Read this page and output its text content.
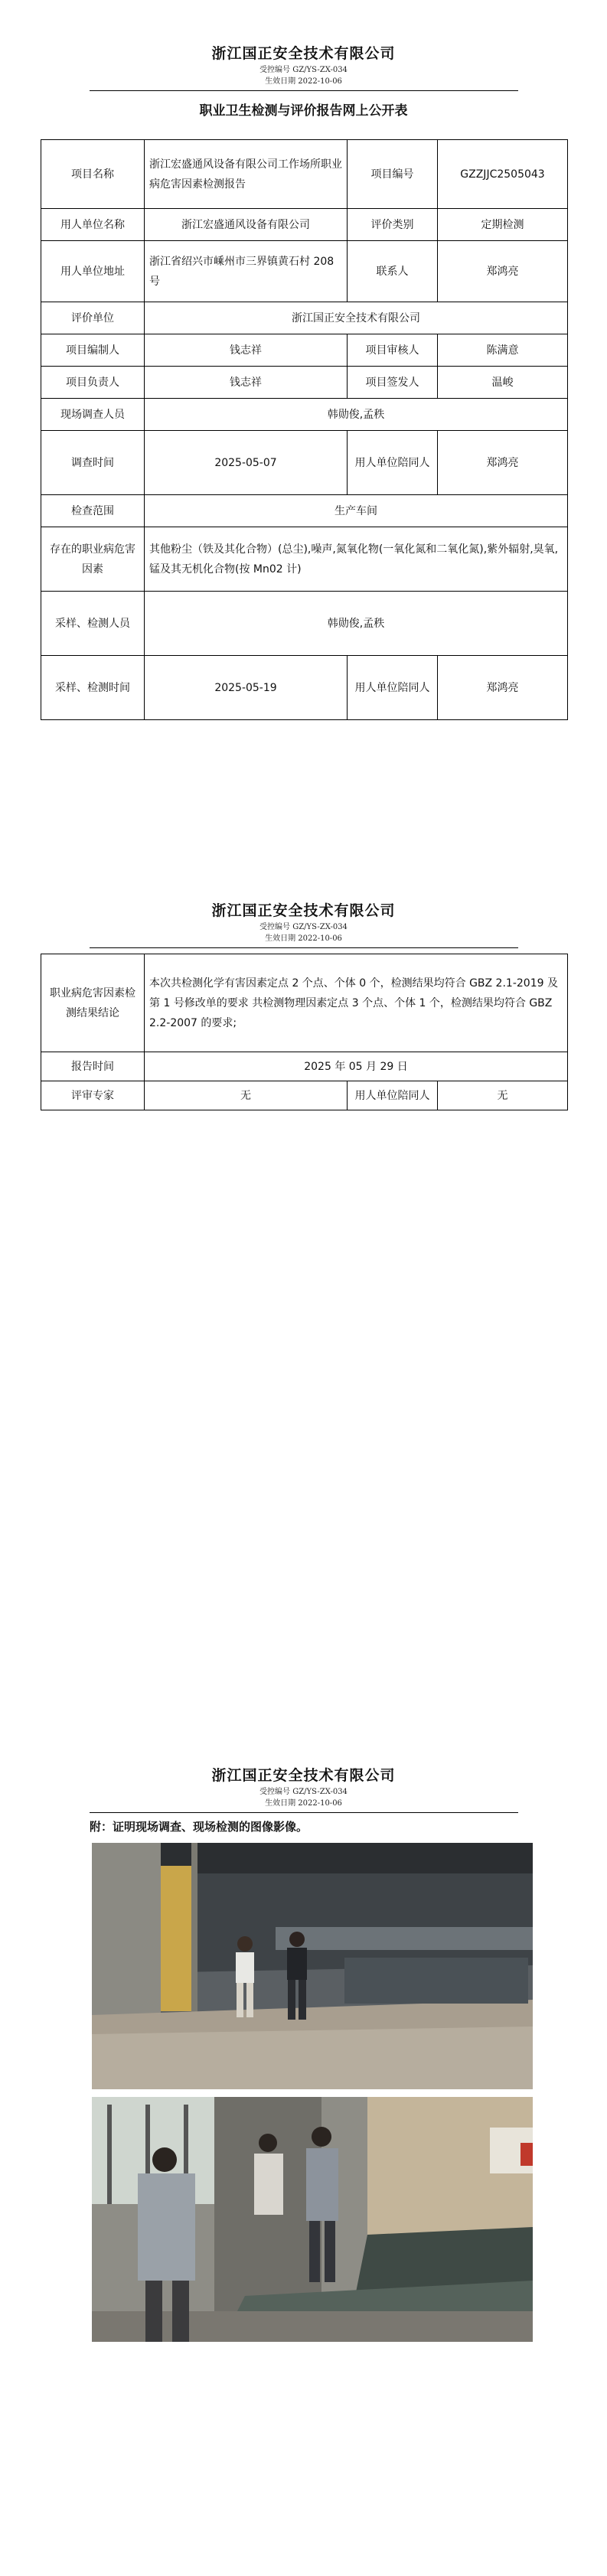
浙江国正安全技术有限公司
受控编号 GZ/YS-ZX-034
生效日期 2022-10-06
职业卫生检测与评价报告网上公开表
项目名称	浙江宏盛通风设备有限公司工作场所职业病危害因素检测报告	项目编号	GZZJJC2505043
用人单位名称	浙江宏盛通风设备有限公司	评价类别	定期检测
用人单位地址	浙江省绍兴市嵊州市三界镇黄石村 208 号	联系人	郑鸿亮
评价单位	浙江国正安全技术有限公司		
项目编制人	钱志祥	项目审核人	陈满意
项目负责人	钱志祥	项目签发人	温峻
现场调查人员	韩勋俊,孟秩		
调查时间	2025-05-07	用人单位陪同人	郑鸿亮
检查范围	生产车间		
存在的职业病危害因素	其他粉尘（铁及其化合物）(总尘),噪声,氮氧化物(一氧化氮和二氧化氮),紫外辐射,臭氧,锰及其无机化合物(按 Mn02 计)		
采样、检测人员	韩勋俊,孟秩		
采样、检测时间	2025-05-19	用人单位陪同人	郑鸿亮
浙江国正安全技术有限公司
受控编号 GZ/YS-ZX-034
生效日期 2022-10-06
职业病危害因素检测结果结论	本次共检测化学有害因素定点 2 个点、个体 0 个，检测结果均符合 GBZ 2.1-2019 及第 1 号修改单的要求 共检测物理因素定点 3 个点、个体 1 个，检测结果均符合 GBZ 2.2-2007 的要求;		
报告时间	2025 年 05 月 29 日		
评审专家	无	用人单位陪同人	无
浙江国正安全技术有限公司
受控编号 GZ/YS-ZX-034
生效日期 2022-10-06
附：证明现场调查、现场检测的图像影像。
